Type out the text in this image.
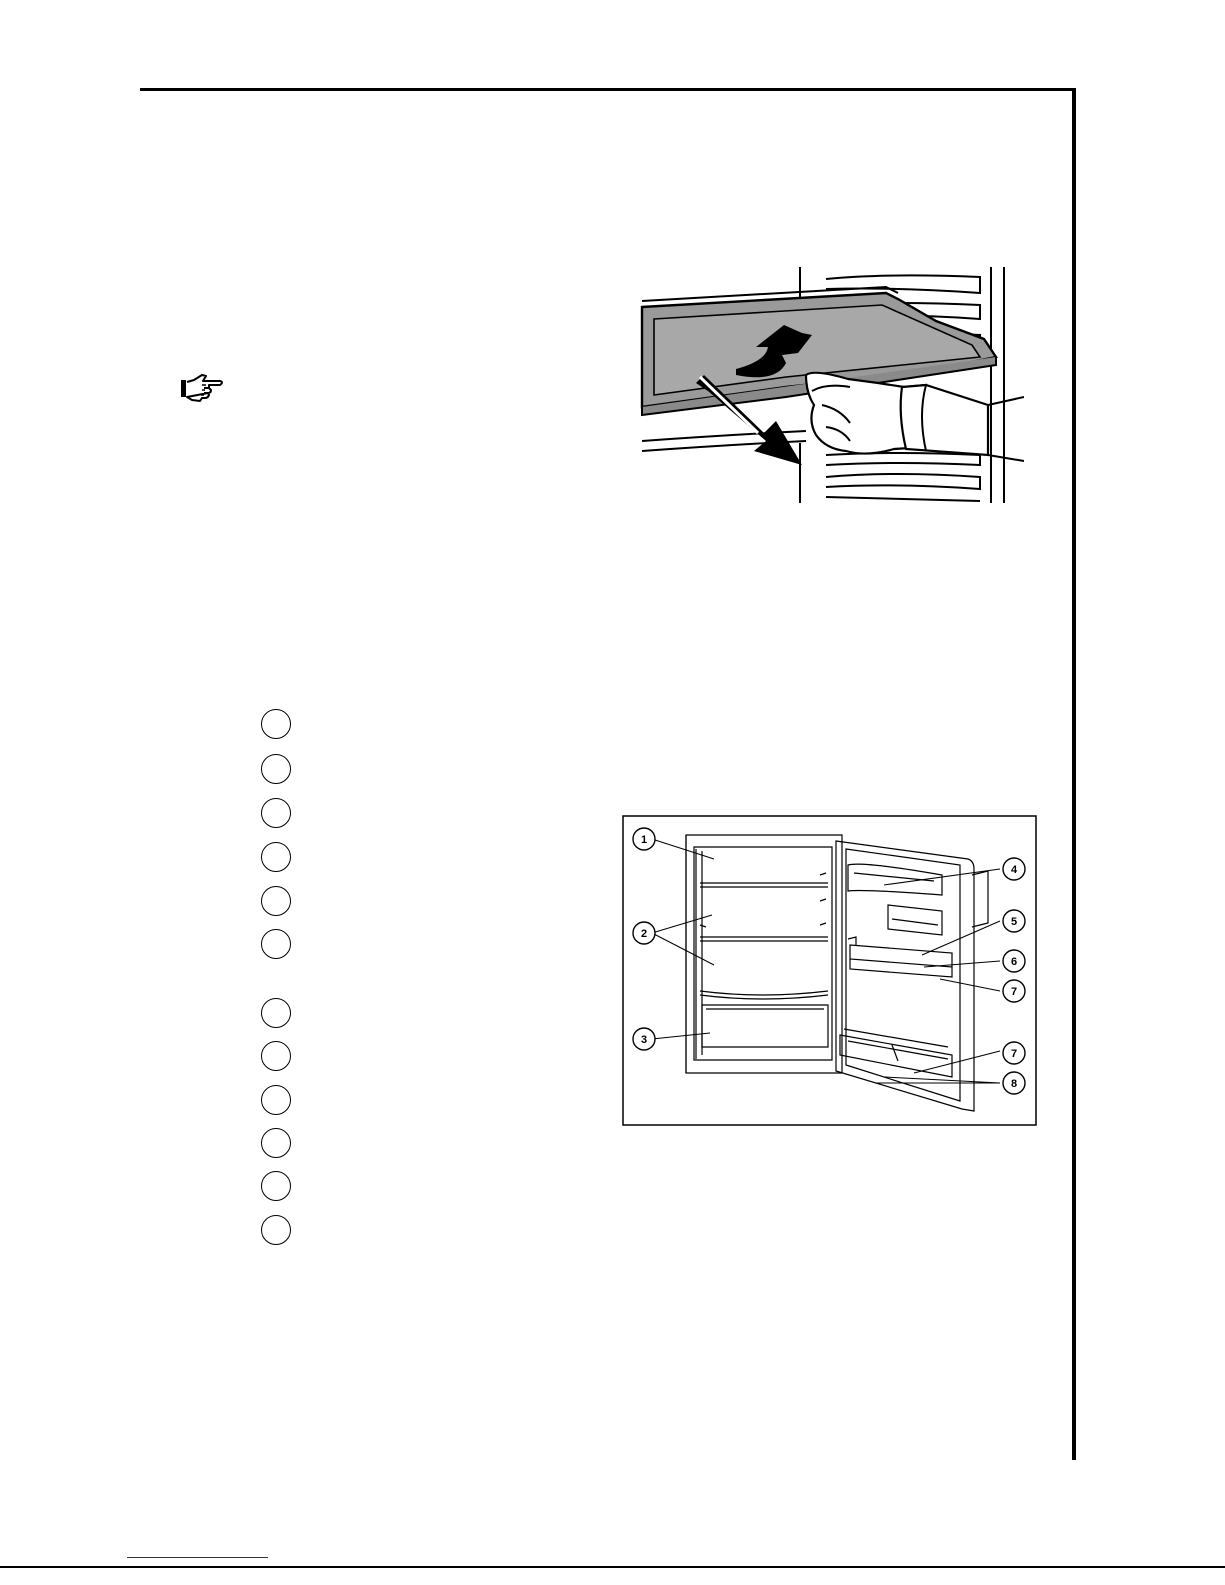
1
2
3
4
5
6
7
7
8
